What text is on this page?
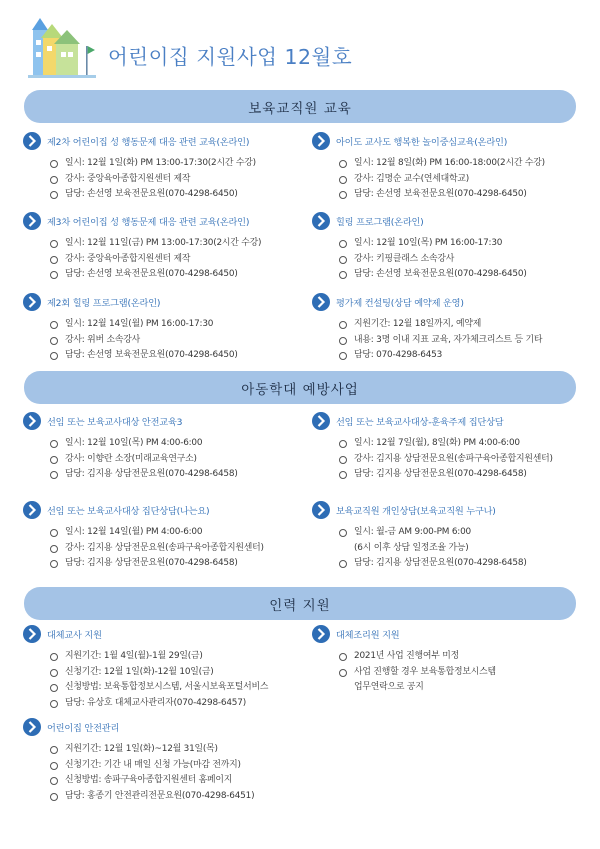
어린이집 지원사업 12월호
보육교직원 교육
제2차 어린이집 성 행동문제 대응 관련 교육(온라인)
일시: 12월 1일(화) PM 13:00-17:30(2시간 수강)
강사: 중앙육아종합지원센터 제작
담당: 손선영 보육전문요원(070-4298-6450)
아이도 교사도 행복한 놀이중심교육(온라인)
일시: 12월 8일(화) PM 16:00-18:00(2시간 수강)
강사: 김명순 교수(연세대학교)
담당: 손선영 보육전문요원(070-4298-6450)
제3차 어린이집 성 행동문제 대응 관련 교육(온라인)
일시: 12월 11일(금) PM 13:00-17:30(2시간 수강)
강사: 중앙육아종합지원센터 제작
담당: 손선영 보육전문요원(070-4298-6450)
힐링 프로그램(온라인)
일시: 12월 10일(목) PM 16:00-17:30
강사: 키핑클래스 소속강사
담당: 손선영 보육전문요원(070-4298-6450)
제2회 힐링 프로그램(온라인)
일시: 12월 14일(월) PM 16:00-17:30
강사: 위버 소속강사
담당: 손선영 보육전문요원(070-4298-6450)
평가제 컨설팅(상담 예약제 운영)
지원기간: 12월 18일까지, 예약제
내용: 3명 이내 지표 교육, 자가체크리스트 등 기타
담당: 070-4298-6453
아동학대 예방사업
선임 또는 보육교사대상 안전교육3
일시: 12월 10일(목) PM 4:00-6:00
강사: 이향란 소장(미래교육연구소)
담당: 김지용 상담전문요원(070-4298-6458)
선임 또는 보육교사대상-훈육주제 집단상담
일시: 12월 7일(월), 8일(화) PM 4:00-6:00
강사: 김지용 상담전문요원(송파구육아종합지원센터)
담당: 김지용 상담전문요원(070-4298-6458)
선임 또는 보육교사대상 집단상담(나는요)
일시: 12월 14일(월) PM 4:00-6:00
강사: 김지용 상담전문요원(송파구육아종합지원센터)
담당: 김지용 상담전문요원(070-4298-6458)
보육교직원 개인상담(보육교직원 누구나)
일시: 월-금 AM 9:00-PM 6:00
(6시 이후 상담 일정조율 가능)
담당: 김지용 상담전문요원(070-4298-6458)
인력 지원
대체교사 지원
지원기간: 1월 4일(월)-1월 29일(금)
신청기간: 12월 1일(화)-12월 10일(금)
신청방법: 보육통합정보시스템, 서울시보육포털서비스
담당: 유상호 대체교사관리자(070-4298-6457)
대체조리원 지원
2021년 사업 진행여부 미정
사업 진행할 경우 보육통합정보시스템
업무연락으로 공지
어린이집 안전관리
지원기간: 12월 1일(화)~12월 31일(목)
신청기간: 기간 내 매일 신청 가능(마감 전까지)
신청방법: 송파구육아종합지원센터 홈페이지
담당: 홍종기 안전관리전문요원(070-4298-6451)
